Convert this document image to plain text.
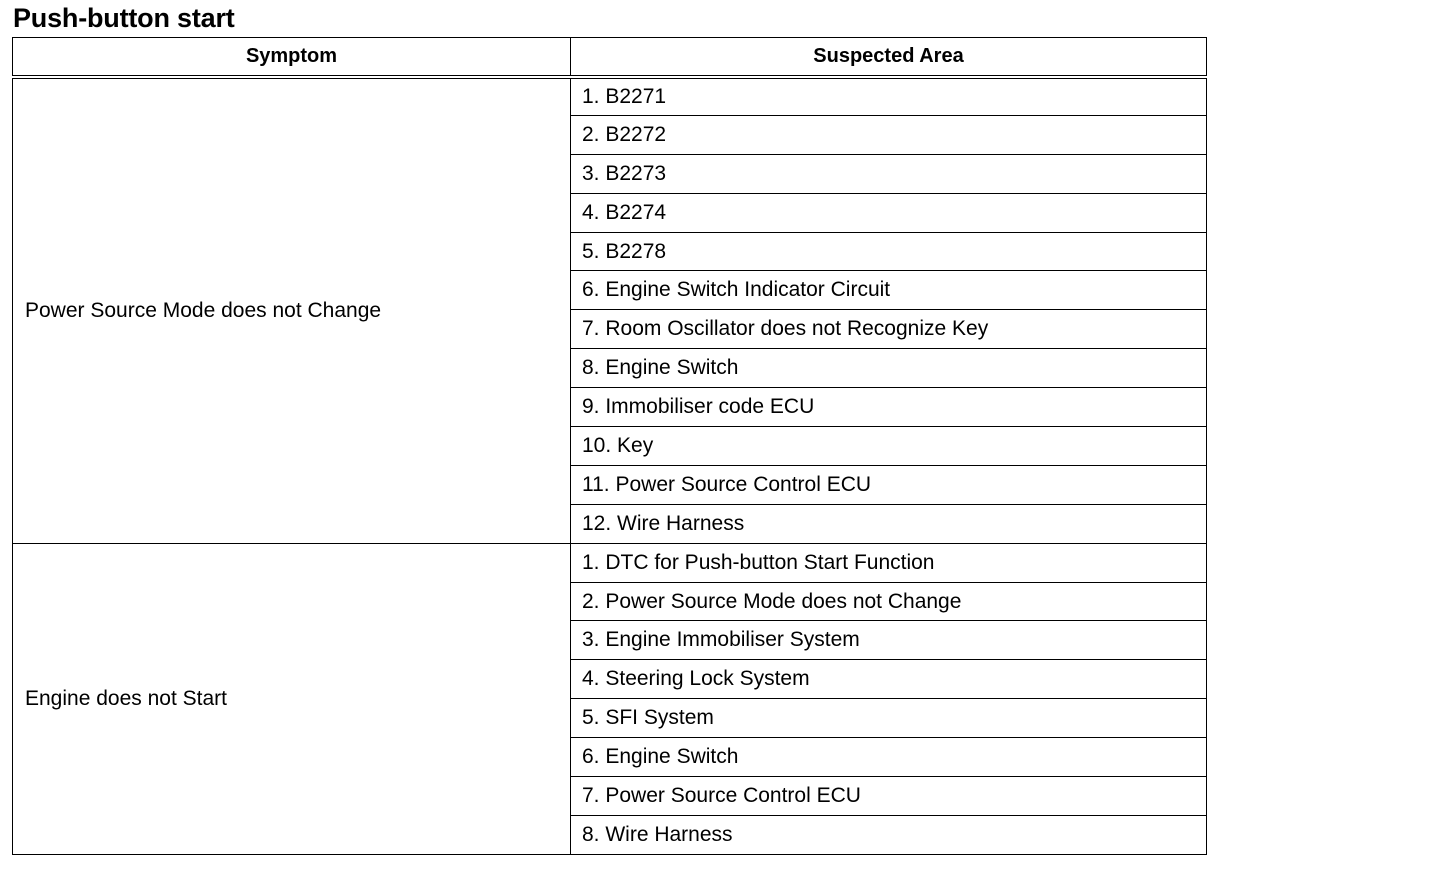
Push-button start
Symptom	Suspected Area
Power Source Mode does not Change	1. B2271
	2. B2272
	3. B2273
	4. B2274
	5. B2278
	6. Engine Switch Indicator Circuit
	7. Room Oscillator does not Recognize Key
	8. Engine Switch
	9. Immobiliser code ECU
	10. Key
	11. Power Source Control ECU
	12. Wire Harness
Engine does not Start	1. DTC for Push-button Start Function
	2. Power Source Mode does not Change
	3. Engine Immobiliser System
	4. Steering Lock System
	5. SFI System
	6. Engine Switch
	7. Power Source Control ECU
	8. Wire Harness
